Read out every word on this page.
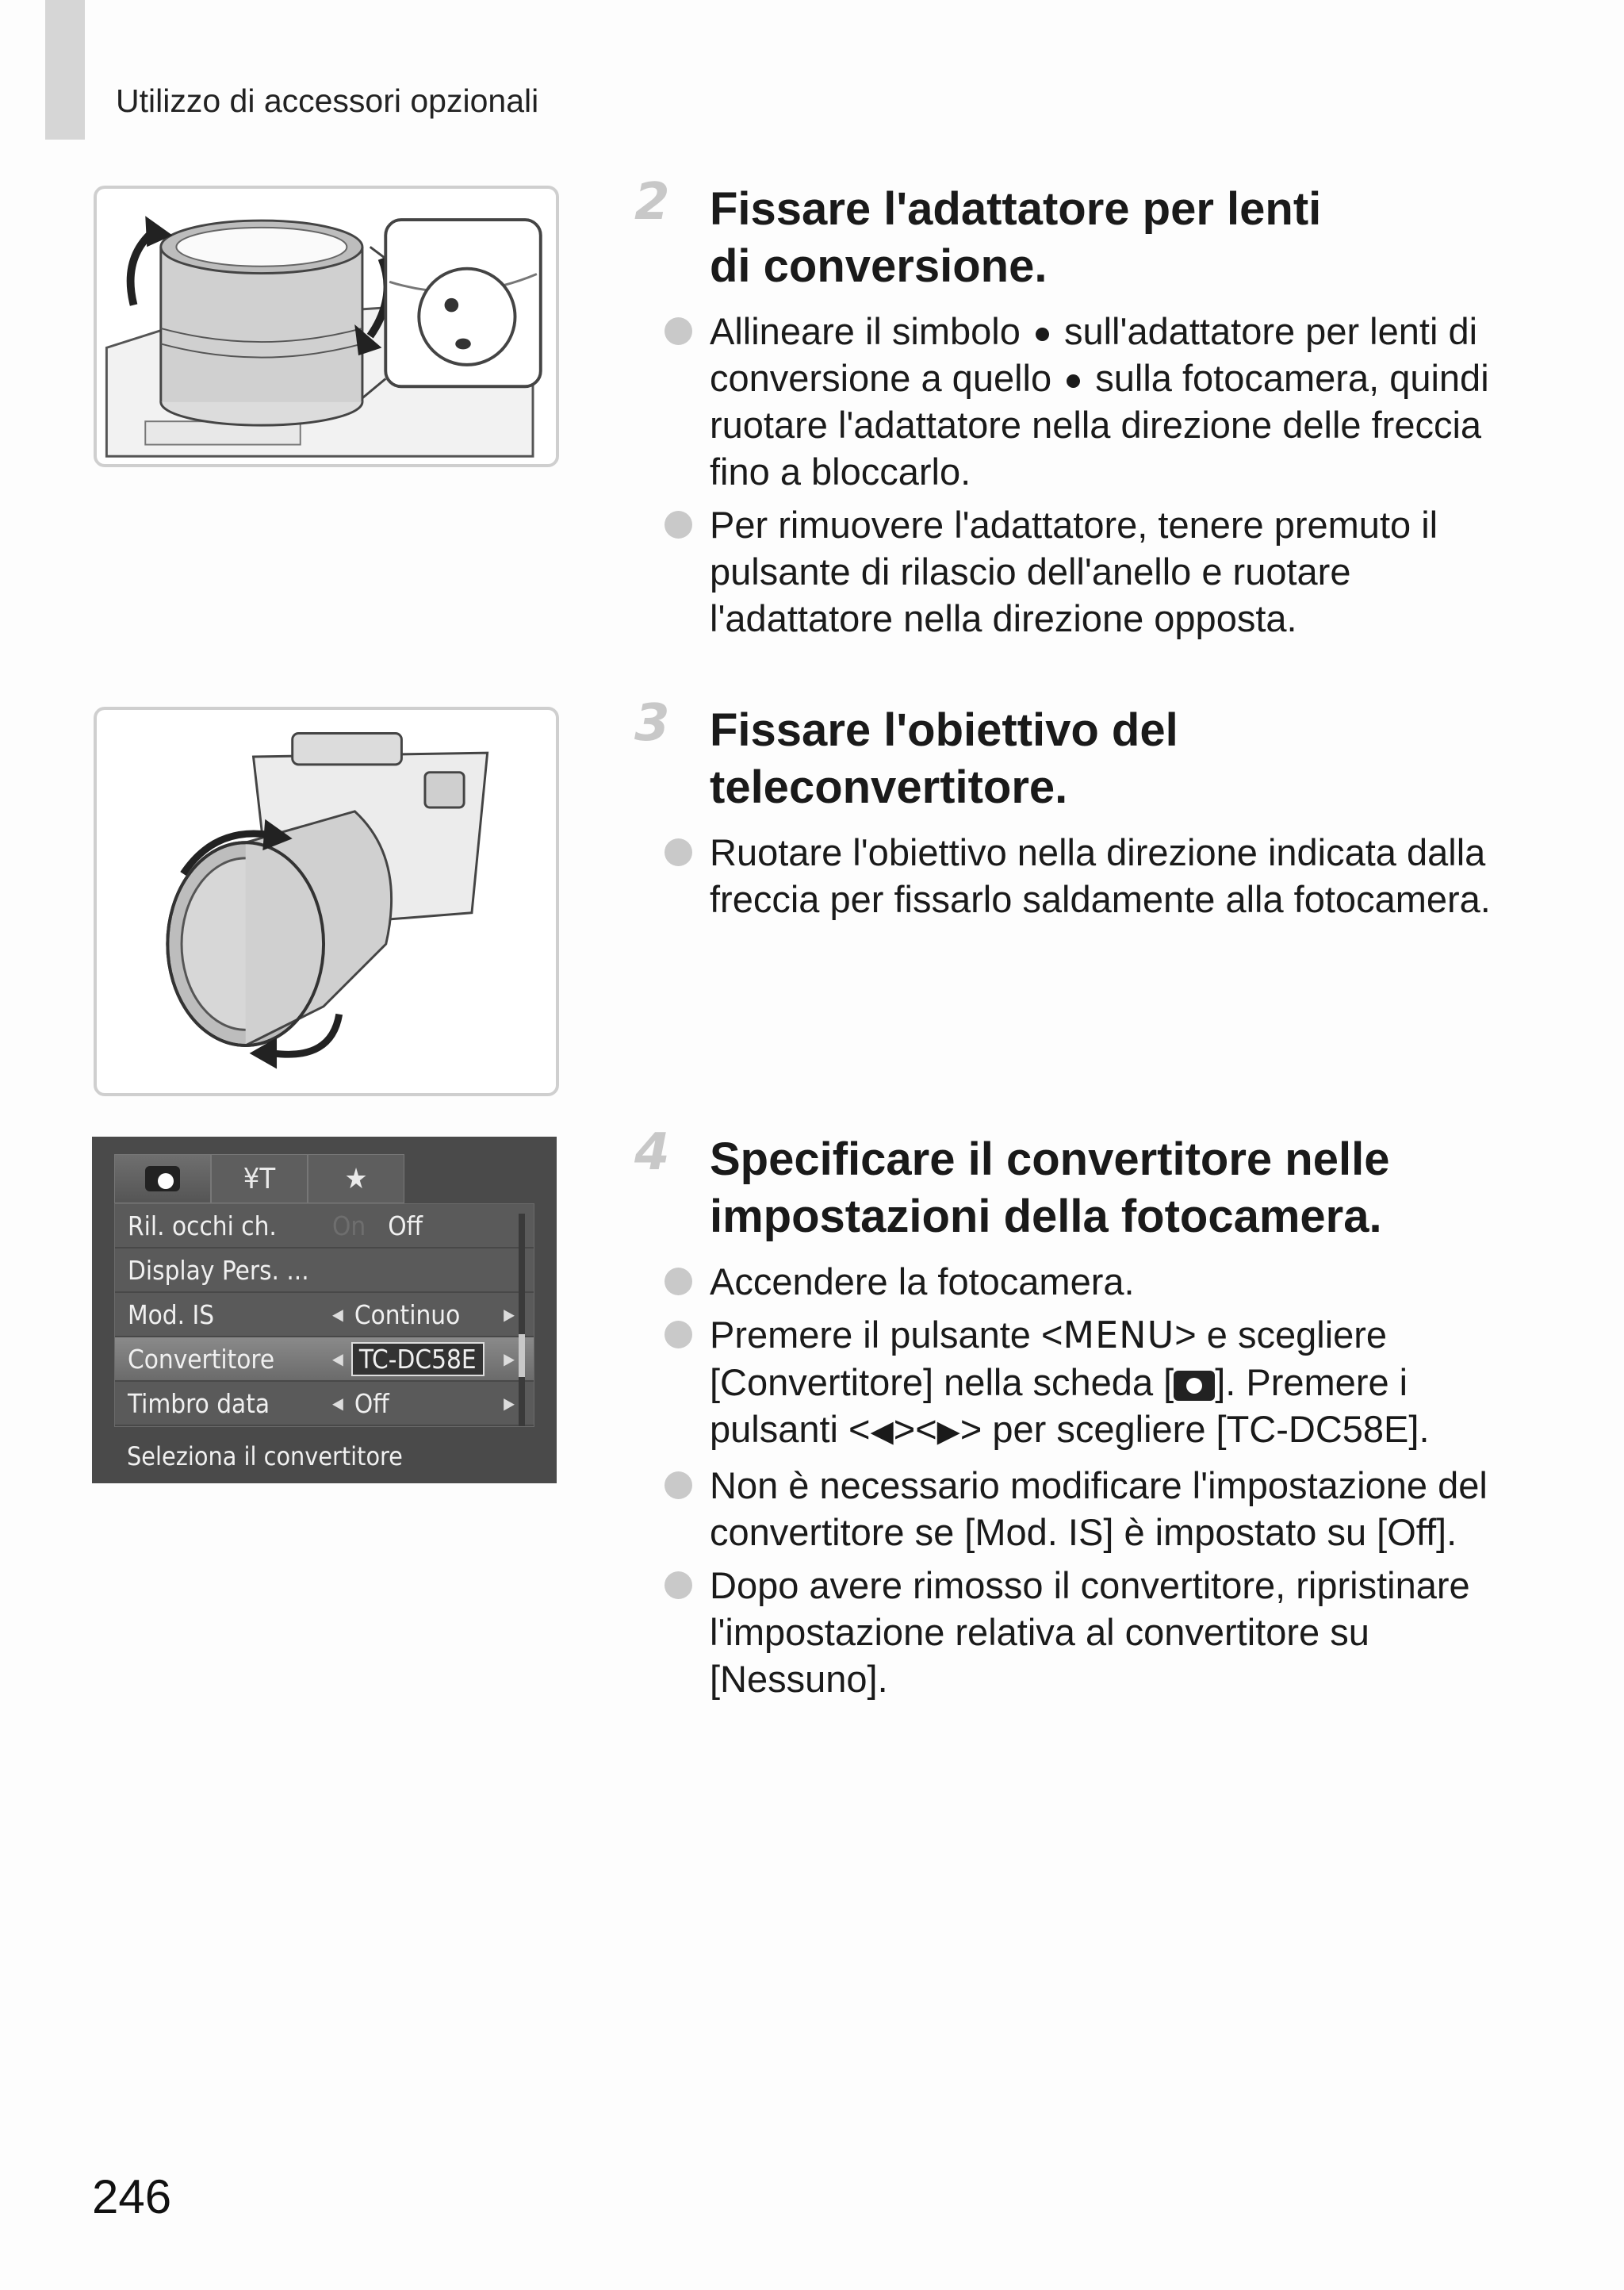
Utilizzo di accessori opzionali
¥T ★
Ril. occhi ch.	On Off
Display Pers. ...
Mod. IS	◀ Continuo	▶
Convertitore	◀ TC-DC58E	▶
Timbro data	◀ Off	▶
Seleziona il convertitore
2 Fissare l'adattatore per lenti
di conversione.
Allineare il simbolo  sull'adattatore per lenti di conversione a quello  sulla fotocamera, quindi ruotare l'adattatore nella direzione delle freccia fino a bloccarlo.
Per rimuovere l'adattatore, tenere premuto il pulsante di rilascio dell'anello e ruotare l'adattatore nella direzione opposta.
3 Fissare l'obiettivo del
teleconvertitore.
Ruotare l'obiettivo nella direzione indicata dalla freccia per fissarlo saldamente alla fotocamera.
4 Specificare il convertitore nelle
impostazioni della fotocamera.
Accendere la fotocamera.
Premere il pulsante <MENU> e scegliere [Convertitore] nella scheda [ ]. Premere i pulsanti <◀><▶> per scegliere [TC-DC58E].
Non è necessario modificare l'impostazione del convertitore se [Mod. IS] è impostato su [Off].
Dopo avere rimosso il convertitore, ripristinare l'impostazione relativa al convertitore su [Nessuno].
246
